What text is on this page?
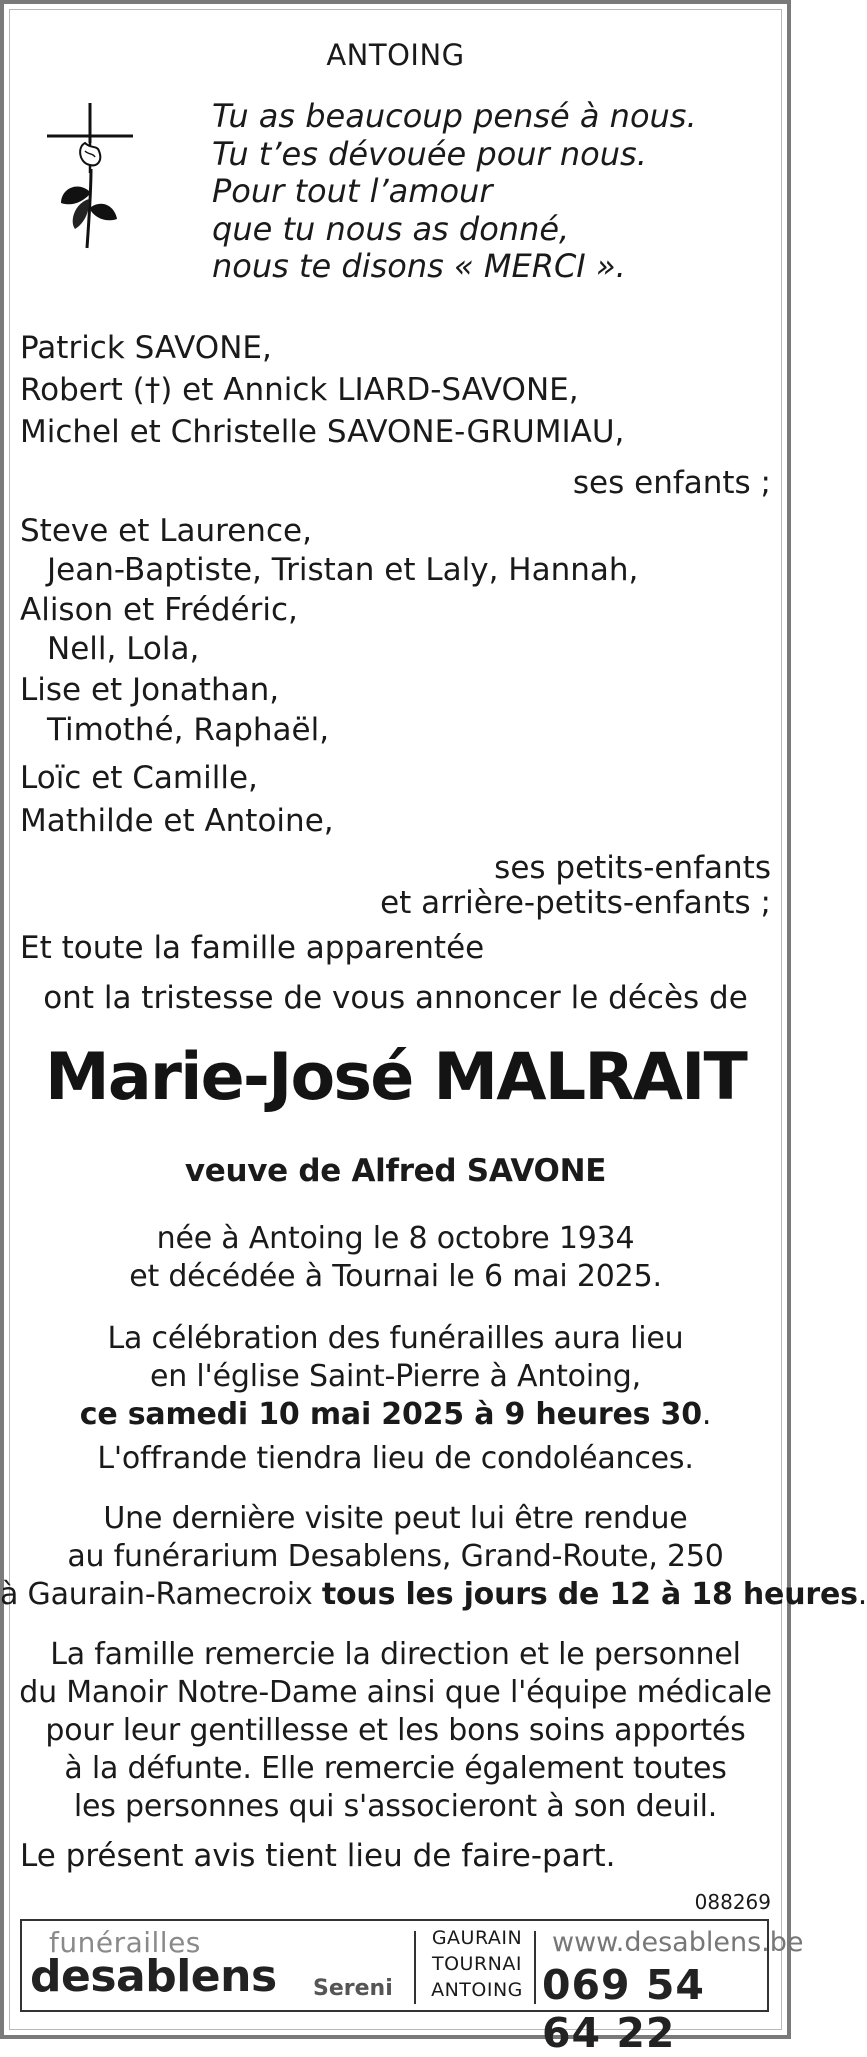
ANTOING
Tu as beaucoup pensé à nous.
Tu t’es dévouée pour nous.
Pour tout l’amour
que tu nous as donné,
nous te disons « MERCI ».
Patrick SAVONE,
Robert (†) et Annick LIARD-SAVONE,
Michel et Christelle SAVONE-GRUMIAU,
ses enfants ;
Steve et Laurence,
Jean-Baptiste, Tristan et Laly, Hannah,
Alison et Frédéric,
Nell, Lola,
Lise et Jonathan,
Timothé, Raphaël,
Loïc et Camille,
Mathilde et Antoine,
ses petits-enfants
et arrière-petits-enfants ;
Et toute la famille apparentée
ont la tristesse de vous annoncer le décès de
Marie-José MALRAIT
veuve de Alfred SAVONE
née à Antoing le 8 octobre 1934
et décédée à Tournai le 6 mai 2025.
La célébration des funérailles aura lieu
en l'église Saint-Pierre à Antoing,
ce samedi 10 mai 2025 à 9 heures 30.
L'offrande tiendra lieu de condoléances.
Une dernière visite peut lui être rendue
au funérarium Desablens, Grand-Route, 250
à Gaurain-Ramecroix tous les jours de 12 à 18 heures.
La famille remercie la direction et le personnel
du Manoir Notre-Dame ainsi que l'équipe médicale
pour leur gentillesse et les bons soins apportés
à la défunte. Elle remercie également toutes
les personnes qui s'associeront à son deuil.
Le présent avis tient lieu de faire-part.
088269
funérailles
desablens Sereni
GAURAIN
TOURNAI
ANTOING
www.desablens.be
069 54 64 22
